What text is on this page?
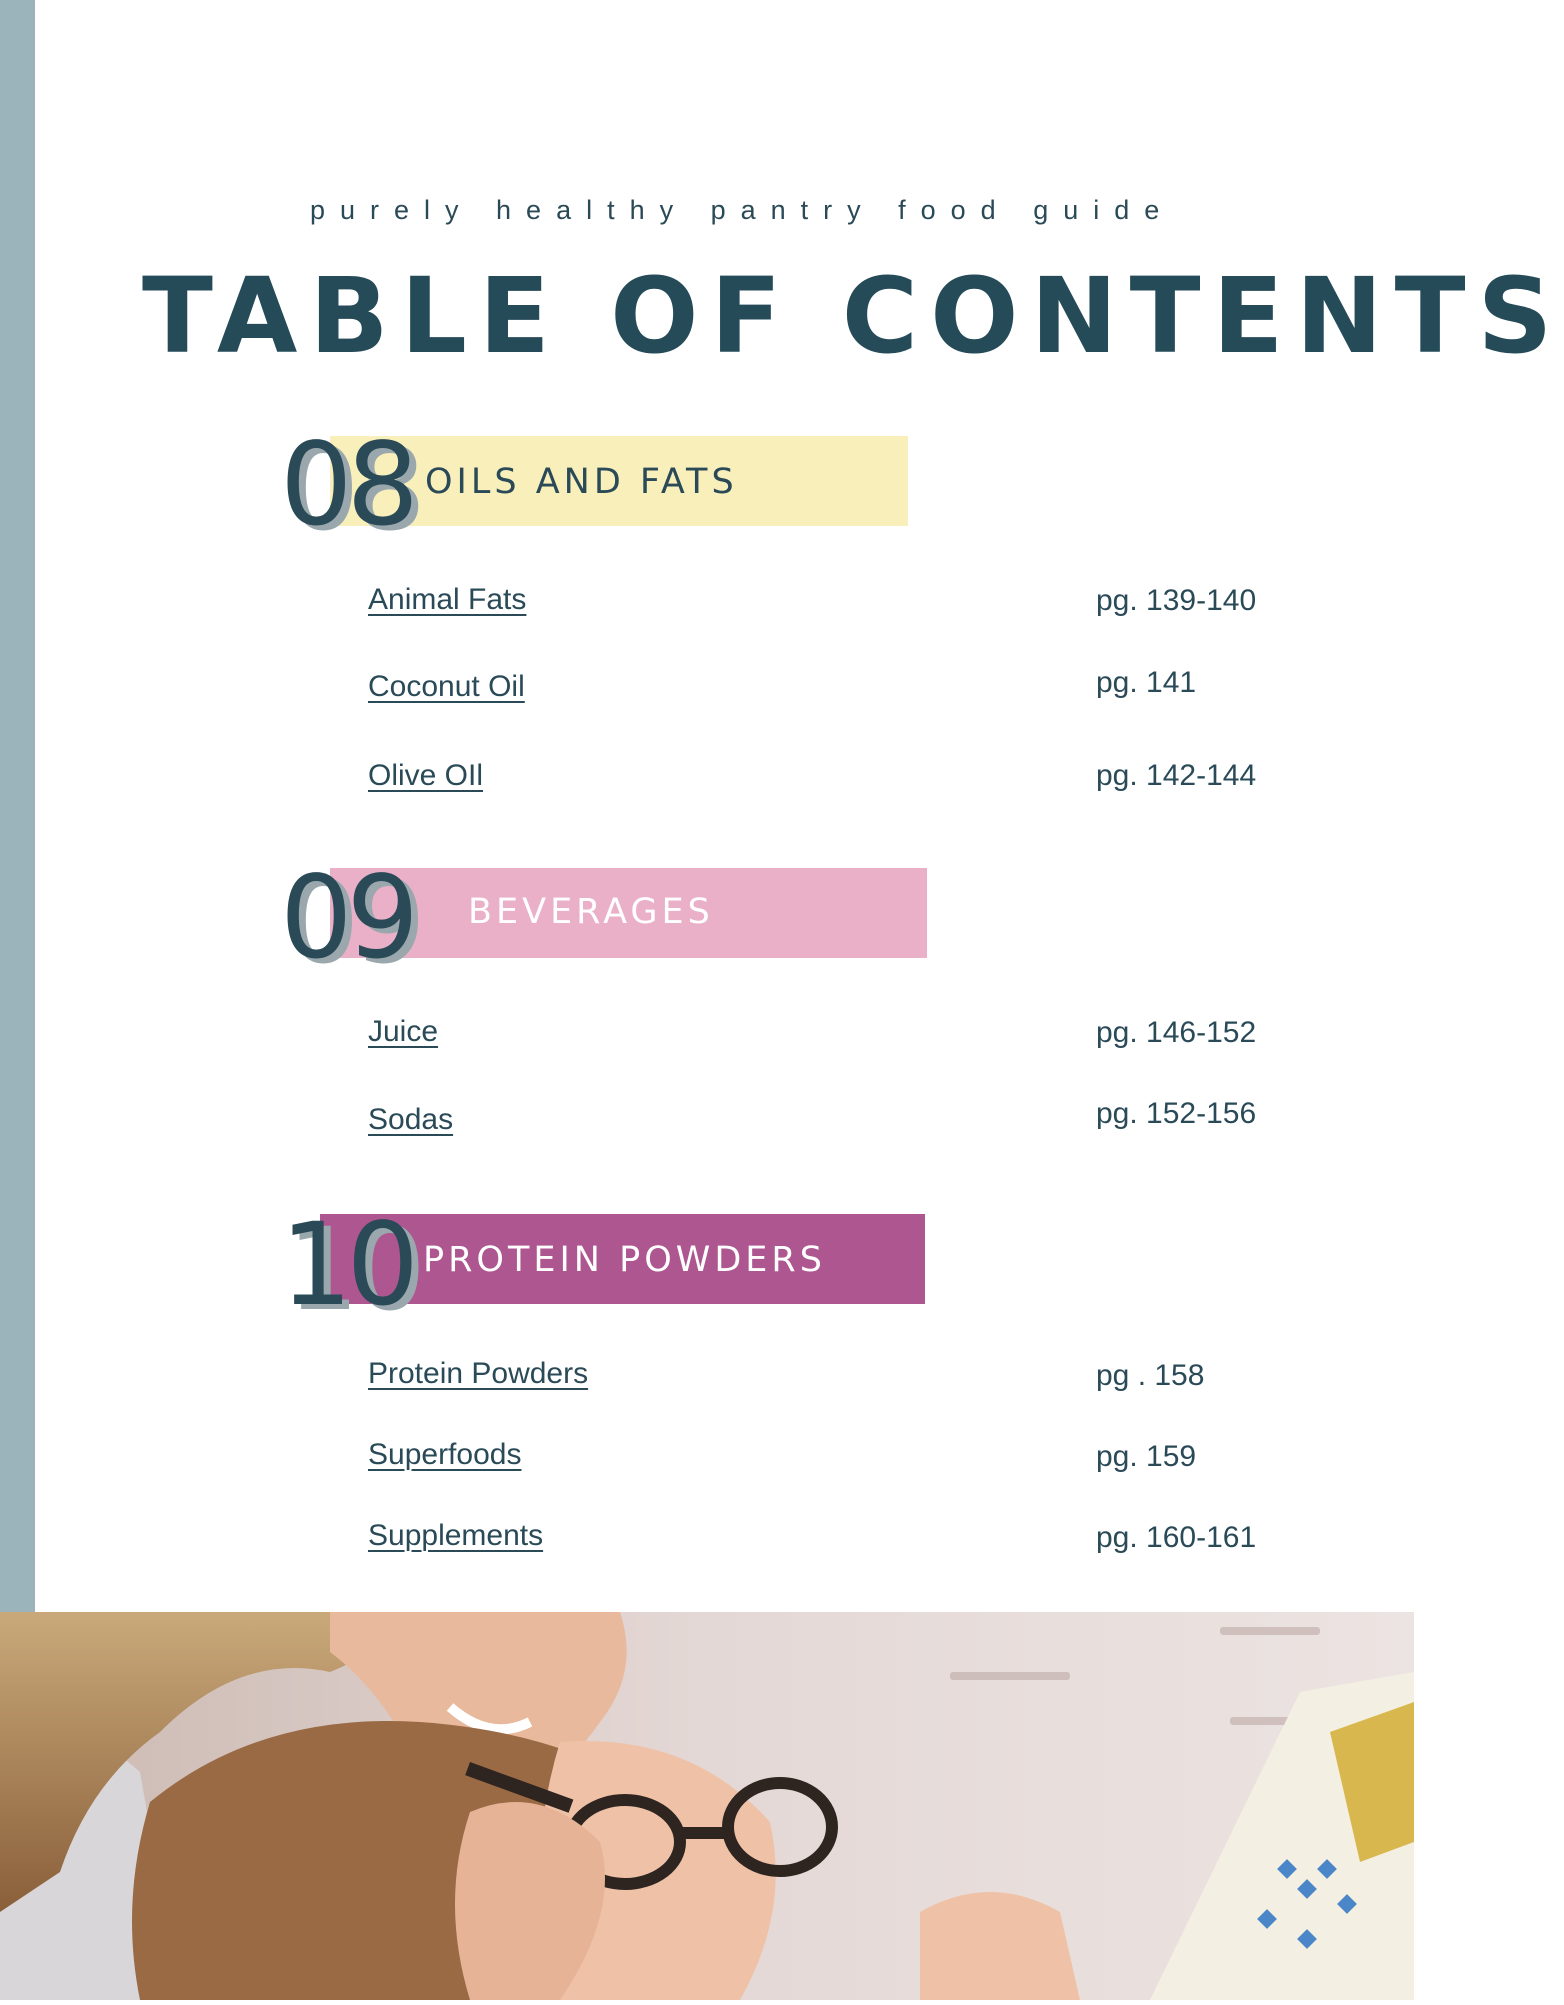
purely healthy pantry food guide
TABLE OF CONTENTS
08 OILS AND FATS
Animal Fats	pg. 139-140
Coconut Oil	pg. 141
Olive OIl	pg. 142-144
09 BEVERAGES
Juice	pg. 146-152
Sodas	pg. 152-156
10 PROTEIN POWDERS
Protein Powders	pg . 158
Superfoods	pg. 159
Supplements	pg. 160-161
